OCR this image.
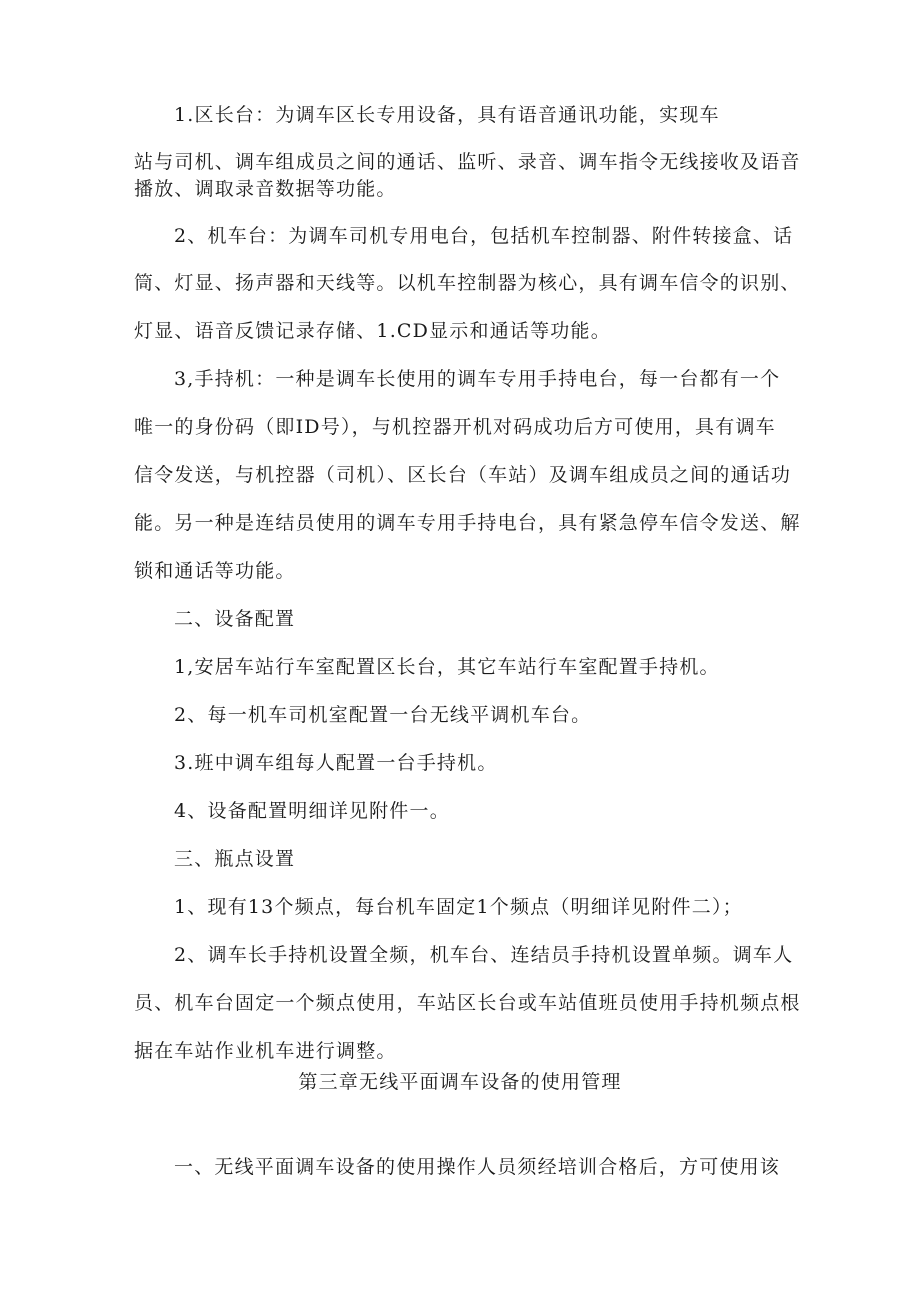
1.区长台：为调车区长专用设备，具有语音通讯功能，实现车
站与司机、调车组成员之间的通话、监听、录音、调车指令无线接收及语音
播放、调取录音数据等功能。
2、机车台：为调车司机专用电台，包括机车控制器、附件转接盒、话
筒、灯显、扬声器和天线等。以机车控制器为核心，具有调车信令的识别、
灯显、语音反馈记录存储、1.CD显示和通话等功能。
3,手持机：一种是调车长使用的调车专用手持电台，每一台都有一个
唯一的身份码（即ID号），与机控器开机对码成功后方可使用，具有调车
信令发送，与机控器（司机）、区长台（车站）及调车组成员之间的通话功
能。另一种是连结员使用的调车专用手持电台，具有紧急停车信令发送、解
锁和通话等功能。
二、设备配置
1,安居车站行车室配置区长台，其它车站行车室配置手持机。
2、每一机车司机室配置一台无线平调机车台。
3.班中调车组每人配置一台手持机。
4、设备配置明细详见附件一。
三、瓶点设置
1、现有13个频点，每台机车固定1个频点（明细详见附件二）；
2、调车长手持机设置全频，机车台、连结员手持机设置单频。调车人
员、机车台固定一个频点使用，车站区长台或车站值班员使用手持机频点根
据在车站作业机车进行调整。
第三章无线平面调车设备的使用管理
一、无线平面调车设备的使用操作人员须经培训合格后，方可使用该
